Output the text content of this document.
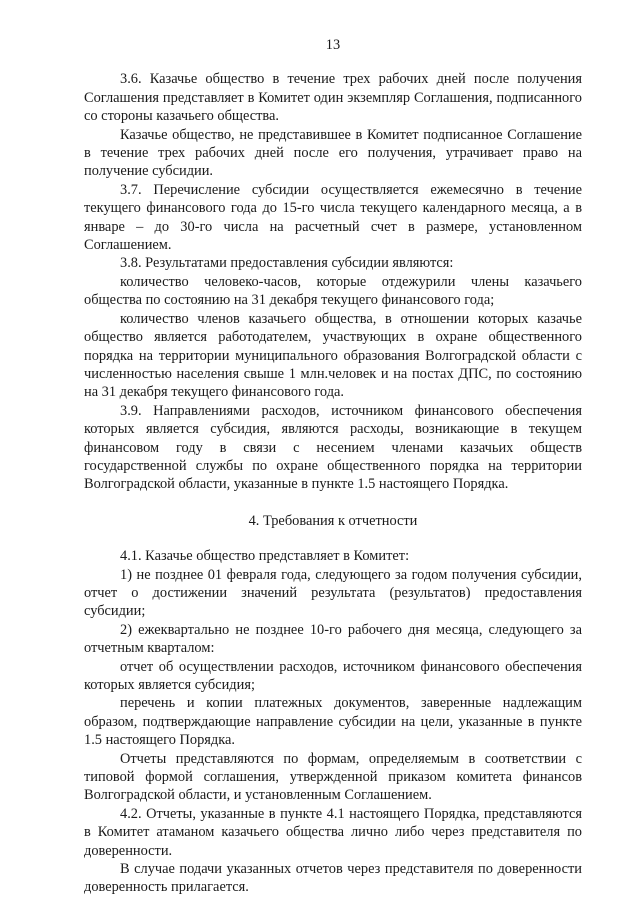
13

3.6. Казачье общество в течение трех рабочих дней после получения Соглашения представляет в Комитет один экземпляр Соглашения, подписанного со стороны казачьего общества.

Казачье общество, не представившее в Комитет подписанное Соглашение в течение трех рабочих дней после его получения, утрачивает право на получение субсидии.

3.7. Перечисление субсидии осуществляется ежемесячно в течение текущего финансового года до 15-го числа текущего календарного месяца, а в январе – до 30-го числа на расчетный счет в размере, установленном Соглашением.

3.8. Результатами предоставления субсидии являются:

количество человеко-часов, которые отдежурили члены казачьего общества по состоянию на 31 декабря текущего финансового года;

количество членов казачьего общества, в отношении которых казачье общество является работодателем, участвующих в охране общественного порядка на территории муниципального образования Волгоградской области с численностью населения свыше 1 млн.человек и на постах ДПС, по состоянию на 31 декабря текущего финансового года.

3.9. Направлениями расходов, источником финансового обеспечения которых является субсидия, являются расходы, возникающие в текущем финансовом году в связи с несением членами казачьих обществ государственной службы по охране общественного порядка на территории Волгоградской области, указанные в пункте 1.5 настоящего Порядка.

4. Требования к отчетности

4.1. Казачье общество представляет в Комитет:

1) не позднее 01 февраля года, следующего за годом получения субсидии, отчет о достижении значений результата (результатов) предоставления субсидии;

2) ежеквартально не позднее 10-го рабочего дня месяца, следующего за отчетным кварталом:

отчет об осуществлении расходов, источником финансового обеспечения которых является субсидия;

перечень и копии платежных документов, заверенные надлежащим образом, подтверждающие направление субсидии на цели, указанные в пункте 1.5 настоящего Порядка.

Отчеты представляются по формам, определяемым в соответствии с типовой формой соглашения, утвержденной приказом комитета финансов Волгоградской области, и установленным Соглашением.

4.2. Отчеты, указанные в пункте 4.1 настоящего Порядка, представляются в Комитет атаманом казачьего общества лично либо через представителя по доверенности.

В случае подачи указанных отчетов через представителя по доверенности доверенность прилагается.
